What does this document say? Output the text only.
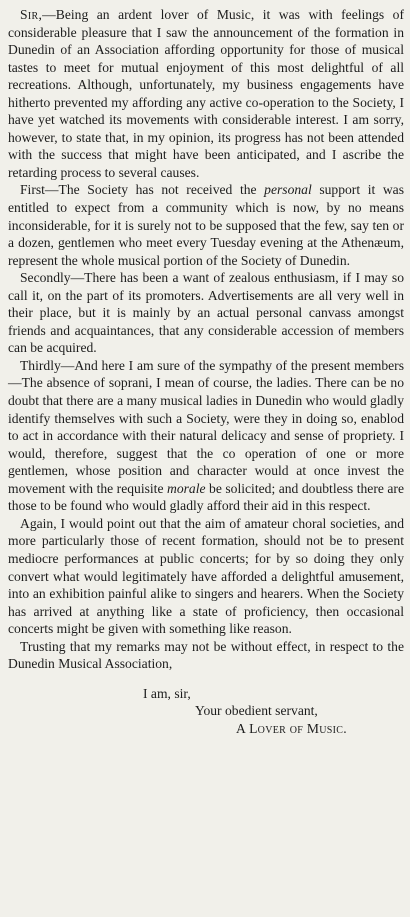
Sir,—Being an ardent lover of Music, it was with feelings of considerable pleasure that I saw the announcement of the formation in Dunedin of an Association affording opportunity for those of musical tastes to meet for mutual enjoyment of this most delightful of all recreations. Although, unfortunately, my business engagements have hitherto prevented my affording any active co-operation to the Society, I have yet watched its movements with considerable interest. I am sorry, however, to state that, in my opinion, its progress has not been attended with the success that might have been anticipated, and I ascribe the retarding process to several causes.

First—The Society has not received the personal support it was entitled to expect from a community which is now, by no means inconsiderable, for it is surely not to be supposed that the few, say ten or a dozen, gentlemen who meet every Tuesday evening at the Athenæum, represent the whole musical portion of the Society of Dunedin.

Secondly—There has been a want of zealous enthusiasm, if I may so call it, on the part of its promoters. Advertisements are all very well in their place, but it is mainly by an actual personal canvass amongst friends and acquaintances, that any considerable accession of members can be acquired.

Thirdly—And here I am sure of the sympathy of the present members—The absence of soprani, I mean of course, the ladies. There can be no doubt that there are a many musical ladies in Dunedin who would gladly identify themselves with such a Society, were they in doing so, enablod to act in accordance with their natural delicacy and sense of propriety. I would, therefore, suggest that the co operation of one or more gentlemen, whose position and character would at once invest the movement with the requisite morale be solicited; and doubtless there are those to be found who would gladly afford their aid in this respect.

Again, I would point out that the aim of amateur choral societies, and more particularly those of recent formation, should not be to present mediocre performances at public concerts; for by so doing they only convert what would legitimately have afforded a delightful amusement, into an exhibition painful alike to singers and hearers. When the Society has arrived at anything like a state of proficiency, then occasional concerts might be given with something like reason.

Trusting that my remarks may not be without effect, in respect to the Dunedin Musical Association,

I am, sir,

Your obedient servant,

A Lover of Music.
